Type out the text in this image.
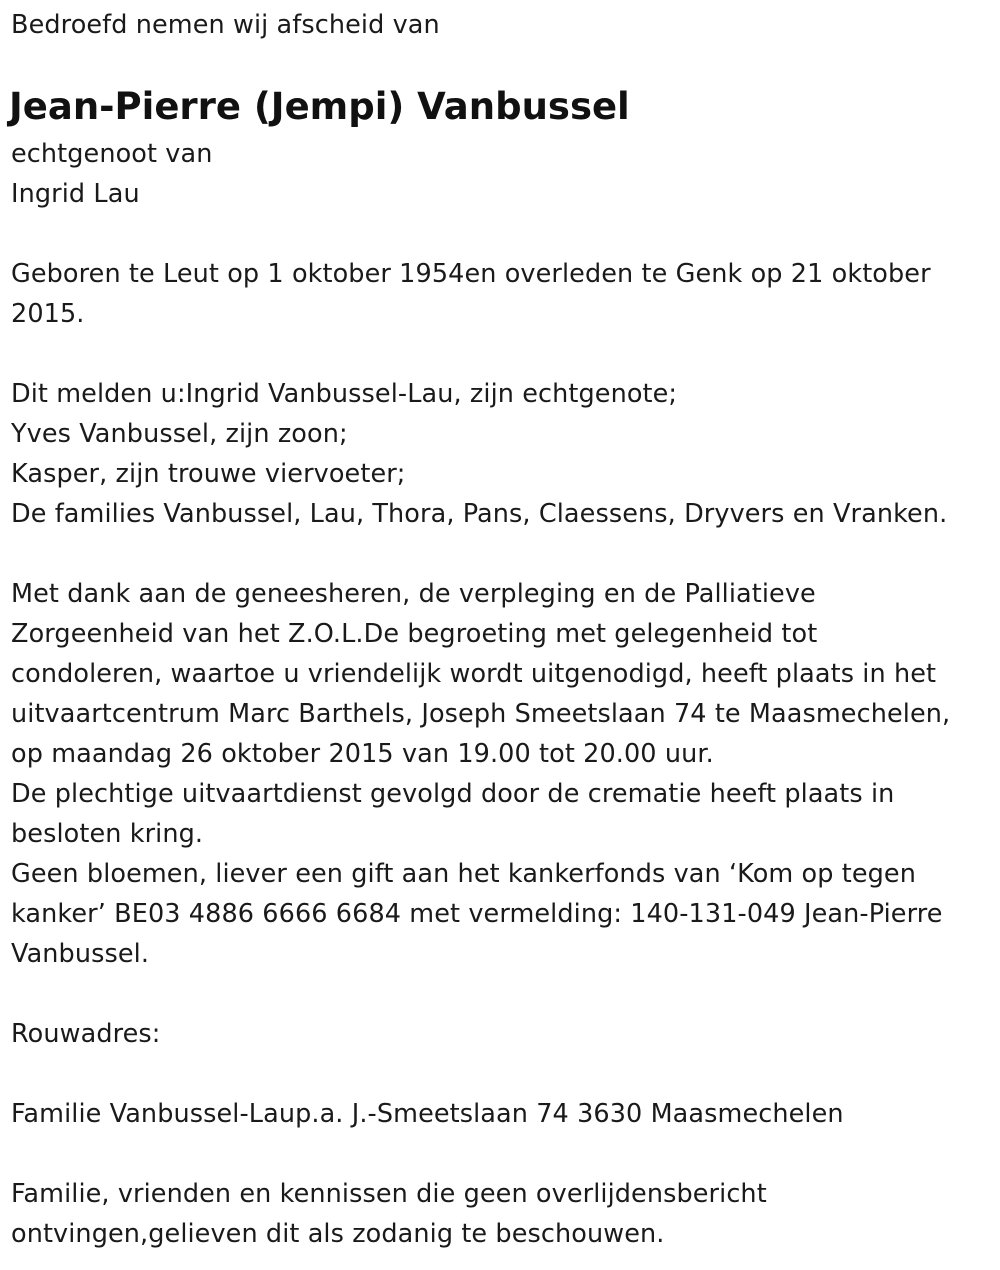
Bedroefd nemen wij afscheid van
Jean-Pierre (Jempi) Vanbussel
echtgenoot van
Ingrid Lau
Geboren te Leut op 1 oktober 1954en overleden te Genk op 21 oktober
2015.
Dit melden u:Ingrid Vanbussel-Lau, zijn echtgenote;
Yves Vanbussel, zijn zoon;
Kasper, zijn trouwe viervoeter;
De families Vanbussel, Lau, Thora, Pans, Claessens, Dryvers en Vranken.
Met dank aan de geneesheren, de verpleging en de Palliatieve
Zorgeenheid van het Z.O.L.De begroeting met gelegenheid tot
condoleren, waartoe u vriendelijk wordt uitgenodigd, heeft plaats in het
uitvaartcentrum Marc Barthels, Joseph Smeetslaan 74 te Maasmechelen,
op maandag 26 oktober 2015 van 19.00 tot 20.00 uur.
De plechtige uitvaartdienst gevolgd door de crematie heeft plaats in
besloten kring.
Geen bloemen, liever een gift aan het kankerfonds van ‘Kom op tegen
kanker’ BE03 4886 6666 6684 met vermelding: 140-131-049 Jean-Pierre
Vanbussel.
Rouwadres:
Familie Vanbussel-Laup.a. J.-Smeetslaan 74 3630 Maasmechelen
Familie, vrienden en kennissen die geen overlijdensbericht
ontvingen,gelieven dit als zodanig te beschouwen.
